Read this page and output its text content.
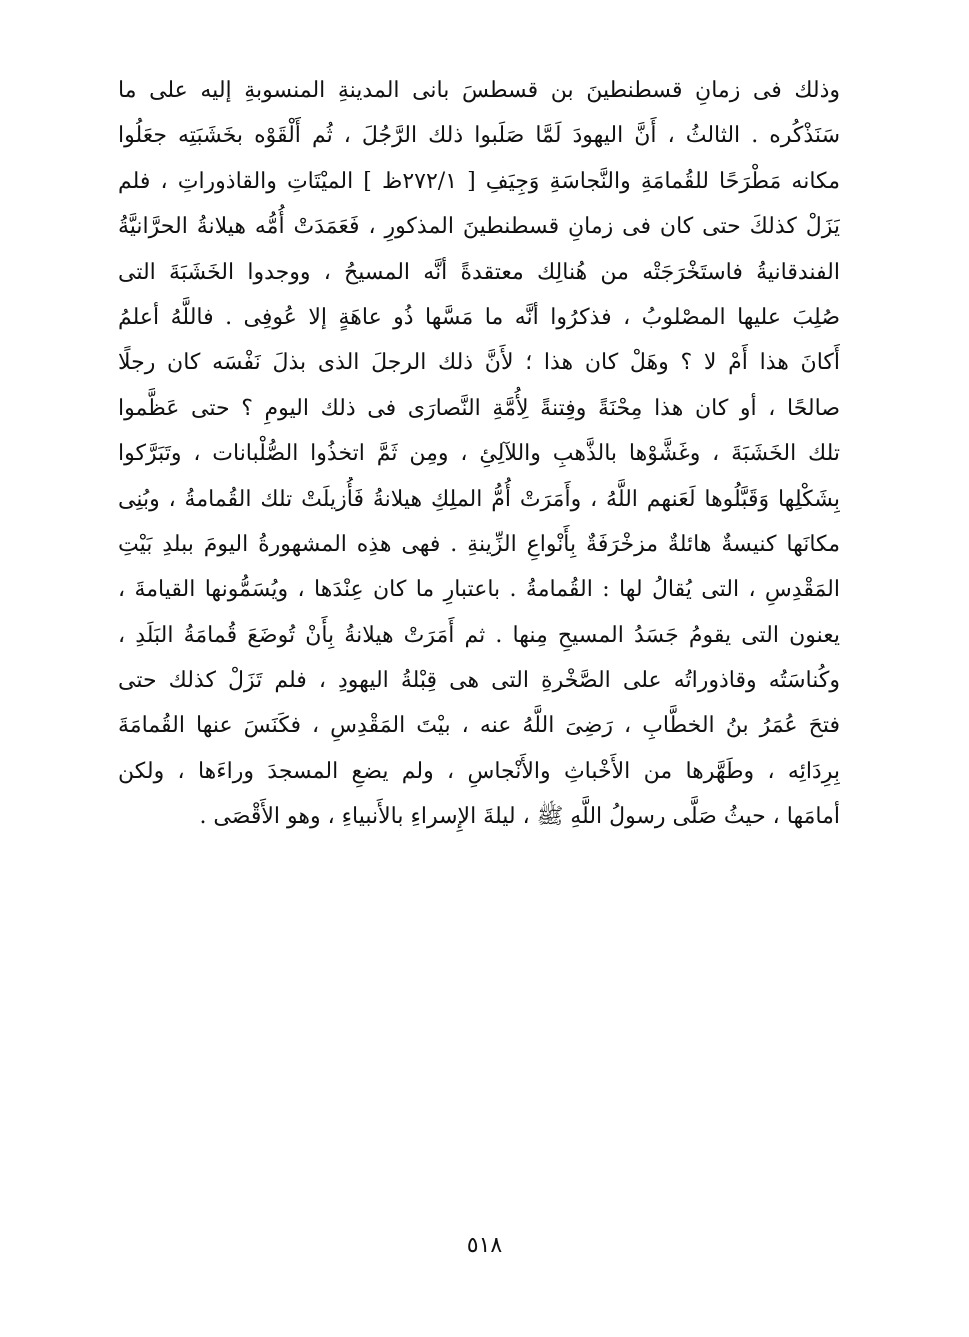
وذلك فى زمانِ قسطنطينَ بن قسطسَ بانى المدينةِ المنسوبةِ إليه على ما
سَنَذْكُره . الثالثُ ، أَنَّ اليهودَ لَمَّا صَلَبوا ذلك الرَّجُلَ ، ثُم أَلْقَوْه بخَشَبَتِه جعَلُوا
مكانه مَطْرَحًا للقُمامَةِ والنَّجاسَةِ وَجِيَفِ [ ٢٧٢/١ظ ] الميْتَاتِ والقاذوراتِ ، فلم
يَزَلْ كذلكَ حتى كان فى زمانِ قسطنطينَ المذكورِ ، فَعَمَدَتْ أُمُّه هيلانةُ الحرَّانيَّةُ
الفندقانيةُ فاستَخْرَجَتْه من هُنالِك معتقدةً أنَّه المسيحُ ، ووجدوا الخَشَبَةَ التى
صُلِبَ عليها المصْلوبُ ، فذكرُوا أنَّه ما مَسَّها ذُو عاهَةٍ إلا عُوفِى . فاللَّهُ أعلمُ
أَكانَ هذا أَمْ لا ؟ وهَلْ كان هذا ؛ لأَنَّ ذلك الرجلَ الذى بذلَ نَفْسَه كان رجلًا
صالحًا ، أو كان هذا مِحْنَةً وفِتنةً لِأُمَّةِ النَّصارَى فى ذلك اليومِ ؟ حتى عَظَّموا
تلك الخَشَبَةَ ، وغَشَّوْها بالذَّهبِ واللآلِئِ ، ومِن ثَمَّ اتخذُوا الصُّلْبانات ، وتَبَرَّكوا
بِشَكْلِها وَقَبَّلُوها لَعَنهم اللَّهُ ، وأَمَرَتْ أُمُّ الملِكِ هيلانةُ فَأُزيلَتْ تلك القُمامةُ ، وبُنِى
مكانَها كنيسةٌ هائلةٌ مزخْرَفَةٌ بِأَنْواعِ الزِّينةِ . فهى هذِه المشهورةُ اليومَ ببلدِ بَيْتِ
المَقْدِسِ ، التى يُقالُ لها : القُمامةُ . باعتبارِ ما كان عِنْدَها ، ويُسَمُّونها القيامةَ ،
يعنون التى يقومُ جَسَدُ المسيحِ مِنها . ثم أَمَرَتْ هيلانةُ بِأَنْ تُوضَعَ قُمامَةُ البَلَدِ ،
وكُناسَتُه وقاذوراتُه على الصَّخْرةِ التى هى قِبْلةُ اليهودِ ، فلم تَزَلْ كذلك حتى
فتحَ عُمَرُ بنُ الخطَّابِ ، رَضِىَ اللَّهُ عنه ، بيْتَ المَقْدِسِ ، فكَنَسَ عنها القُمامَةَ
بِرِدَائِه ، وطَهَّرها من الأَخْباثِ والأَنْجاسِ ، ولم يضعِ المسجدَ وراءَها ، ولكن
أمامَها ، حيثُ صَلَّى رسولُ اللَّهِ ﷺ ، ليلةَ الإِسراءِ بالأَنبياءِ ، وهو الأَقْصَى .
٥١٨
